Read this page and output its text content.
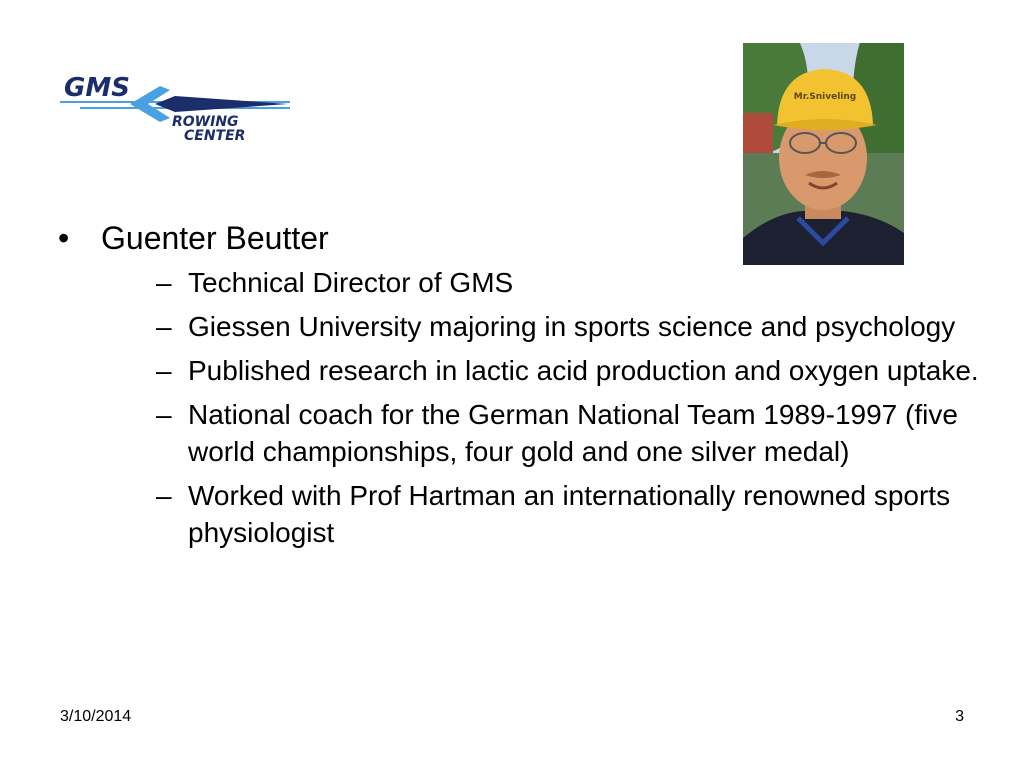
GMS
ROWING
CENTER
Mr.Sniveling
• Guenter Beutter
– Technical Director of GMS
– Giessen University majoring in sports science and psychology
– Published research in lactic acid production and oxygen uptake.
– National coach for the German National Team 1989-1997 (five world championships, four gold and one silver medal)
– Worked with Prof Hartman an internationally renowned sports physiologist
3/10/2014	3
